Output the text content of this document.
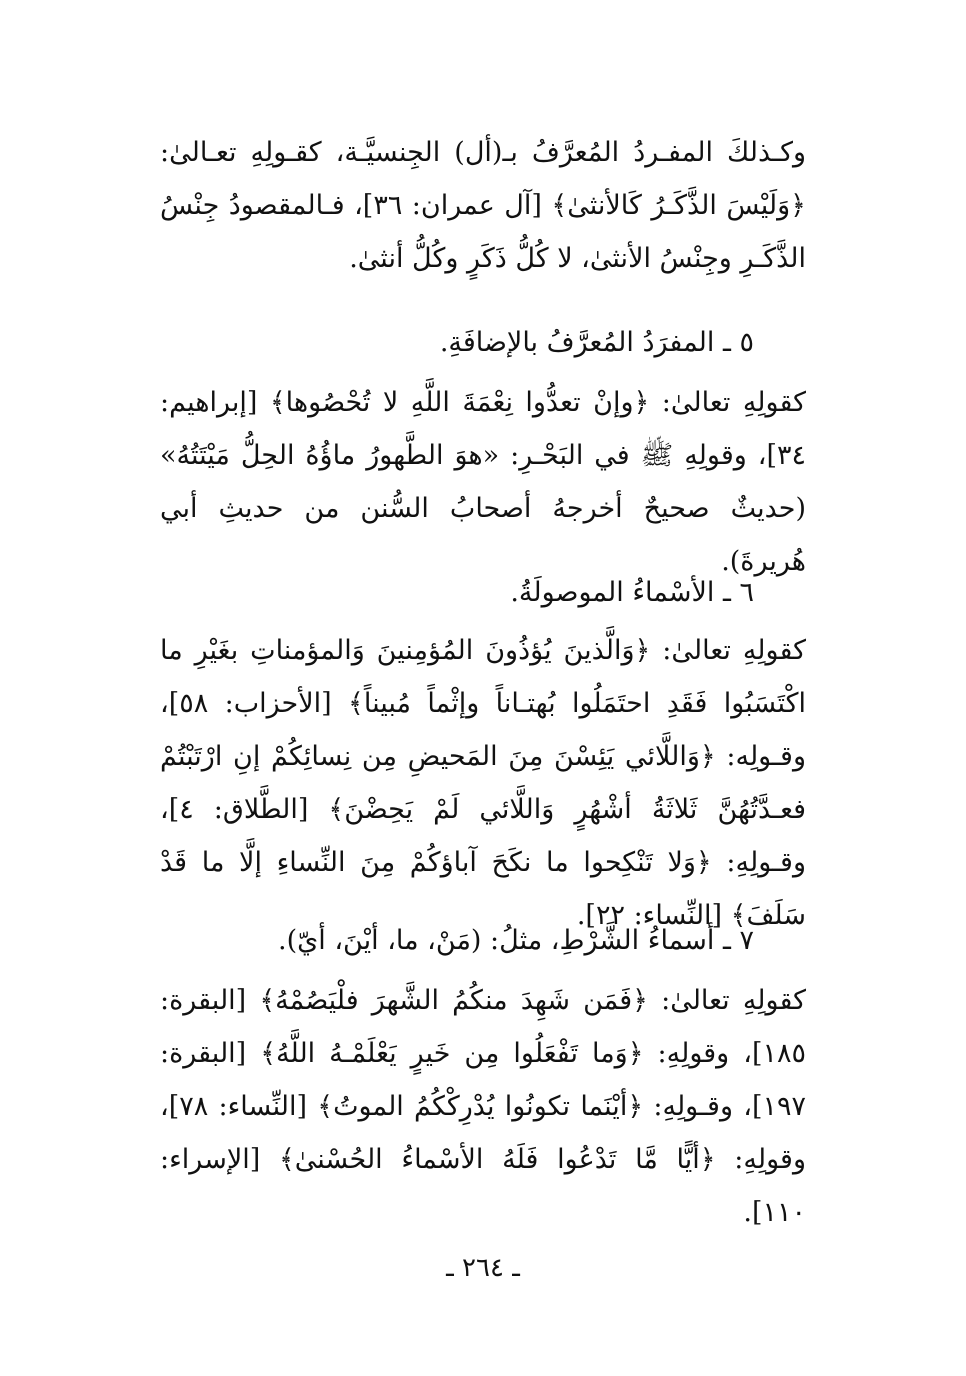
وكـذلكَ المفـردُ المُعرَّفُ بـ(أل) الجِنسيَّـة، كقـولِهِ تعـالىٰ: ﴿وَلَيْسَ الذَّكَـرُ كَالأنثىٰ﴾ [آل عمران: ٣٦]، فـالمقصودُ جِنْسُ الذَّكَـرِ وجِنْسُ الأنثىٰ، لا كُلُّ ذَكَرٍ وكُلُّ أنثىٰ.

٥ ـ المفرَدُ المُعرَّفُ بالإضافَةِ.

كقولِهِ تعالىٰ: ﴿وإنْ تعدُّوا نِعْمَةَ اللَّهِ لا تُحْصُوها﴾ [إبراهيم: ٣٤]، وقولِهِ ﷺ في البَحْـرِ: «هوَ الطَّهورُ ماؤُهُ الحِلُّ مَيْتَتُهُ» (حديثٌ صحيحٌ أخرجهُ أصحابُ السُّنن من حديثِ أبي هُريرةَ).

٦ ـ الأسْماءُ الموصولَةُ.

كقولِهِ تعالىٰ: ﴿وَالَّذينَ يُؤذُونَ المُؤمِنينَ وَالمؤمناتِ بغَيْرِ ما اكْتَسَبُوا فَقَدِ احتَمَلُوا بُهتـاناً وإثْماً مُبيناً﴾ [الأحزاب: ٥٨]، وقـولِه: ﴿وَاللَّائي يَئِسْنَ مِنَ المَحيضِ مِن نِسائِكُمْ إنِ ارْتَبْتُمْ فعـدَّتُهُنَّ ثَلاثَةُ أشْهُرٍ وَاللَّائي لَمْ يَحِضْنَ﴾ [الطَّلاق: ٤]، وقـولِهِ: ﴿وَلا تَنْكِحوا ما نكَحَ آباؤكُمْ مِنَ النِّساءِ إلَّا ما قَدْ سَلَفَ﴾ [النِّساء: ٢٢].

٧ ـ أسماءُ الشَّرْطِ، مثلُ: (مَنْ، ما، أيْنَ، أيّ).

كقولِهِ تعالىٰ: ﴿فَمَن شَهِدَ منكُمُ الشَّهرَ فلْيَصُمْهُ﴾ [البقرة: ١٨٥]، وقولِهِ: ﴿وَما تَفْعَلُوا مِن خَيرٍ يَعْلَمْـهُ اللَّهُ﴾ [البقرة: ١٩٧]، وقـولِهِ: ﴿أيْنَما تكونُوا يُدْرِكْكُمُ الموتُ﴾ [النِّساء: ٧٨]، وقولِهِ: ﴿أيًّا مَّا تَدْعُوا فَلَهُ الأسْماءُ الحُسْنىٰ﴾ [الإسراء: ١١٠].

ـ ٢٦٤ ـ
